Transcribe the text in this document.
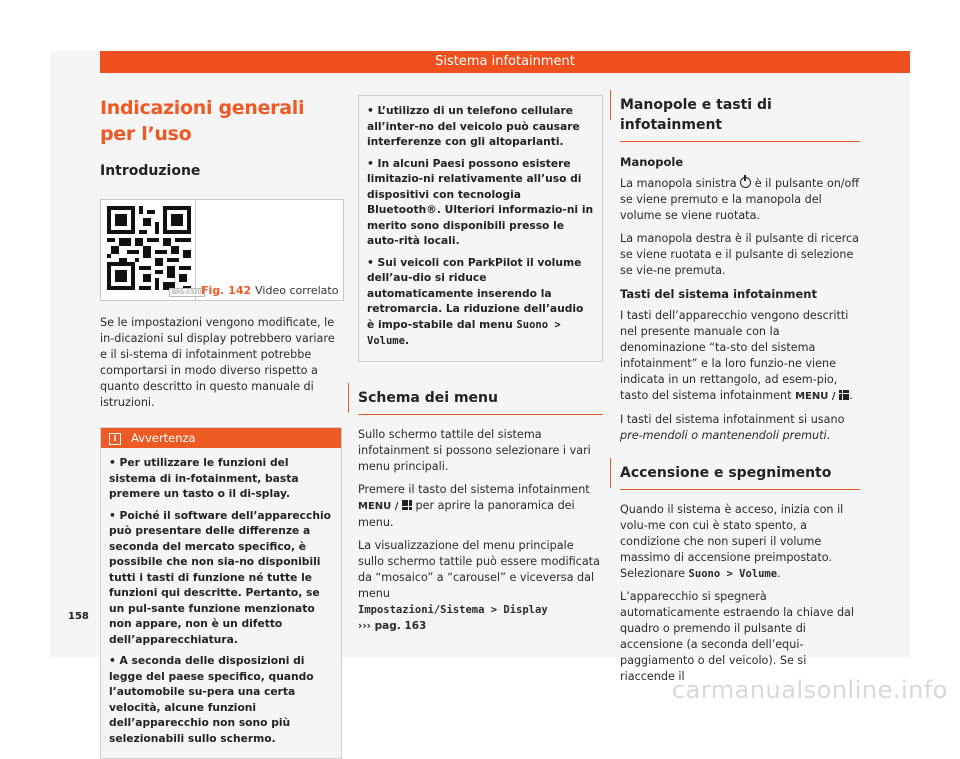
Sistema infotainment
Indicazioni generali per l’uso
Introduzione
BRS-0320 Fig. 142 Video correlato

Se le impostazioni vengono modificate, le in-dicazioni sul display potrebbero variare e il si-stema di infotainment potrebbe comportarsi in modo diverso rispetto a quanto descritto in questo manuale di istruzioni.

i Avvertenza
• Per utilizzare le funzioni del sistema di in-fotainment, basta premere un tasto o il di-splay.
• Poiché il software dell’apparecchio può presentare delle differenze a seconda del mercato specifico, è possibile che non sia-no disponibili tutti i tasti di funzione né tutte le funzioni qui descritte. Pertanto, se un pul-sante funzione menzionato non appare, non è un difetto dell’apparecchiatura.
• A seconda delle disposizioni di legge del paese specifico, quando l’automobile su-pera una certa velocità, alcune funzioni dell’apparecchio non sono più selezionabili sullo schermo.
158
• L’utilizzo di un telefono cellulare all’inter-no del veicolo può causare interferenze con gli altoparlanti.
• In alcuni Paesi possono esistere limitazio-ni relativamente all’uso di dispositivi con tecnologia Bluetooth®. Ulteriori informazio-ni in merito sono disponibili presso le auto-rità locali.
• Sui veicoli con ParkPilot il volume dell’au-dio si riduce automaticamente inserendo la retromarcia. La riduzione dell’audio è impo-stabile dal menu Suono > Volume.
Schema dei menu

Sullo schermo tattile del sistema infotainment si possono selezionare i vari menu principali.

Premere il tasto del sistema infotainment
MENU / per aprire la panoramica dei menu.

La visualizzazione del menu principale sullo schermo tattile può essere modificata da “mosaico” a “carousel” e viceversa dal menu
Impostazioni/Sistema > Display
››› pag. 163

Manopole e tasti di infotainment
Manopole

La manopola sinistra è il pulsante on/off se viene premuto e la manopola del volume se viene ruotata.

La manopola destra è il pulsante di ricerca se viene ruotata e il pulsante di selezione se vie-ne premuta.

Tasti del sistema infotainment

I tasti dell’apparecchio vengono descritti nel presente manuale con la denominazione “ta-sto del sistema infotainment” e la loro funzio-ne viene indicata in un rettangolo, ad esem-pio, tasto del sistema infotainment MENU / .

I tasti del sistema infotainment si usano pre-mendoli o mantenendoli premuti.

Accensione e spegnimento

Quando il sistema è acceso, inizia con il volu-me con cui è stato spento, a condizione che non superi il volume massimo di accensione preimpostato. Selezionare Suono > Volume.

L’apparecchio si spegnerà automaticamente estraendo la chiave dal quadro o premendo il pulsante di accensione (a seconda dell’equi-paggiamento o del veicolo). Se si riaccende il

carmanualsonline.info
